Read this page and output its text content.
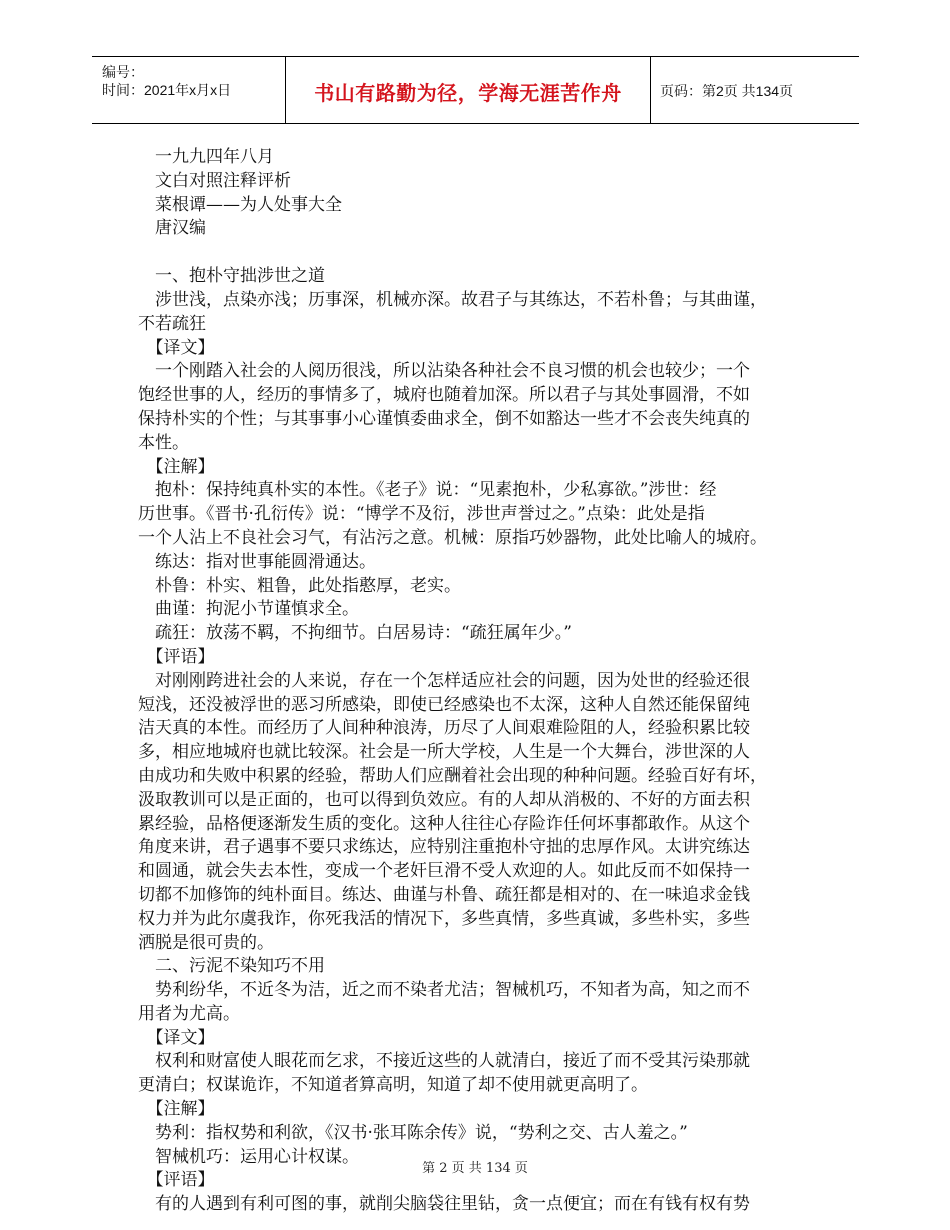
编号：
时间：2021年x月x日	书山有路勤为径，学海无涯苦作舟	页码：第2页 共134页
　一九九四年八月
　文白对照注释评析
　菜根谭——为人处事大全
　唐汉编
　一、抱朴守拙涉世之道
　涉世浅，点染亦浅；历事深，机械亦深。故君子与其练达，不若朴鲁；与其曲谨，
不若疏狂
　【译文】
　一个刚踏入社会的人阅历很浅，所以沾染各种社会不良习惯的机会也较少；一个
饱经世事的人，经历的事情多了，城府也随着加深。所以君子与其处事圆滑，不如
保持朴实的个性；与其事事小心谨慎委曲求全，倒不如豁达一些才不会丧失纯真的
本性。
　【注解】
　抱朴：保持纯真朴实的本性。《老子》说：“见素抱朴，少私寡欲。”涉世：经
历世事。《晋书·孔衍传》说：“博学不及衍，涉世声誉过之。”点染：此处是指
一个人沾上不良社会习气，有沾污之意。机械：原指巧妙器物，此处比喻人的城府。
　练达：指对世事能圆滑通达。
　朴鲁：朴实、粗鲁，此处指憨厚，老实。
　曲谨：拘泥小节谨慎求全。
　疏狂：放荡不羁，不拘细节。白居易诗：“疏狂属年少。”
　【评语】
　对刚刚跨进社会的人来说，存在一个怎样适应社会的问题，因为处世的经验还很
短浅，还没被浮世的恶习所感染，即使已经感染也不太深，这种人自然还能保留纯
洁天真的本性。而经历了人间种种浪涛，历尽了人间艰难险阻的人，经验积累比较
多，相应地城府也就比较深。社会是一所大学校，人生是一个大舞台，涉世深的人
由成功和失败中积累的经验，帮助人们应酬着社会出现的种种问题。经验百好有坏，
汲取教训可以是正面的，也可以得到负效应。有的人却从消极的、不好的方面去积
累经验，品格便逐渐发生质的变化。这种人往往心存险诈任何坏事都敢作。从这个
角度来讲，君子遇事不要只求练达，应特别注重抱朴守拙的忠厚作风。太讲究练达
和圆通，就会失去本性，变成一个老奸巨滑不受人欢迎的人。如此反而不如保持一
切都不加修饰的纯朴面目。练达、曲谨与朴鲁、疏狂都是相对的、在一味追求金钱
权力并为此尔虞我诈，你死我活的情况下，多些真情，多些真诚，多些朴实，多些
洒脱是很可贵的。
　二、污泥不染知巧不用
　势利纷华，不近冬为洁，近之而不染者尤洁；智械机巧，不知者为高，知之而不
用者为尤高。
　【译文】
　权利和财富使人眼花而乞求，不接近这些的人就清白，接近了而不受其污染那就
更清白；权谋诡诈，不知道者算高明，知道了却不使用就更高明了。
　【注解】
　势利：指权势和利欲，《汉书·张耳陈余传》说，“势利之交、古人羞之。”
　智械机巧：运用心计权谋。
　【评语】
　有的人遇到有利可图的事，就削尖脑袋往里钻，贪一点便宜；而在有钱有权有势
第 2 页 共 134 页
